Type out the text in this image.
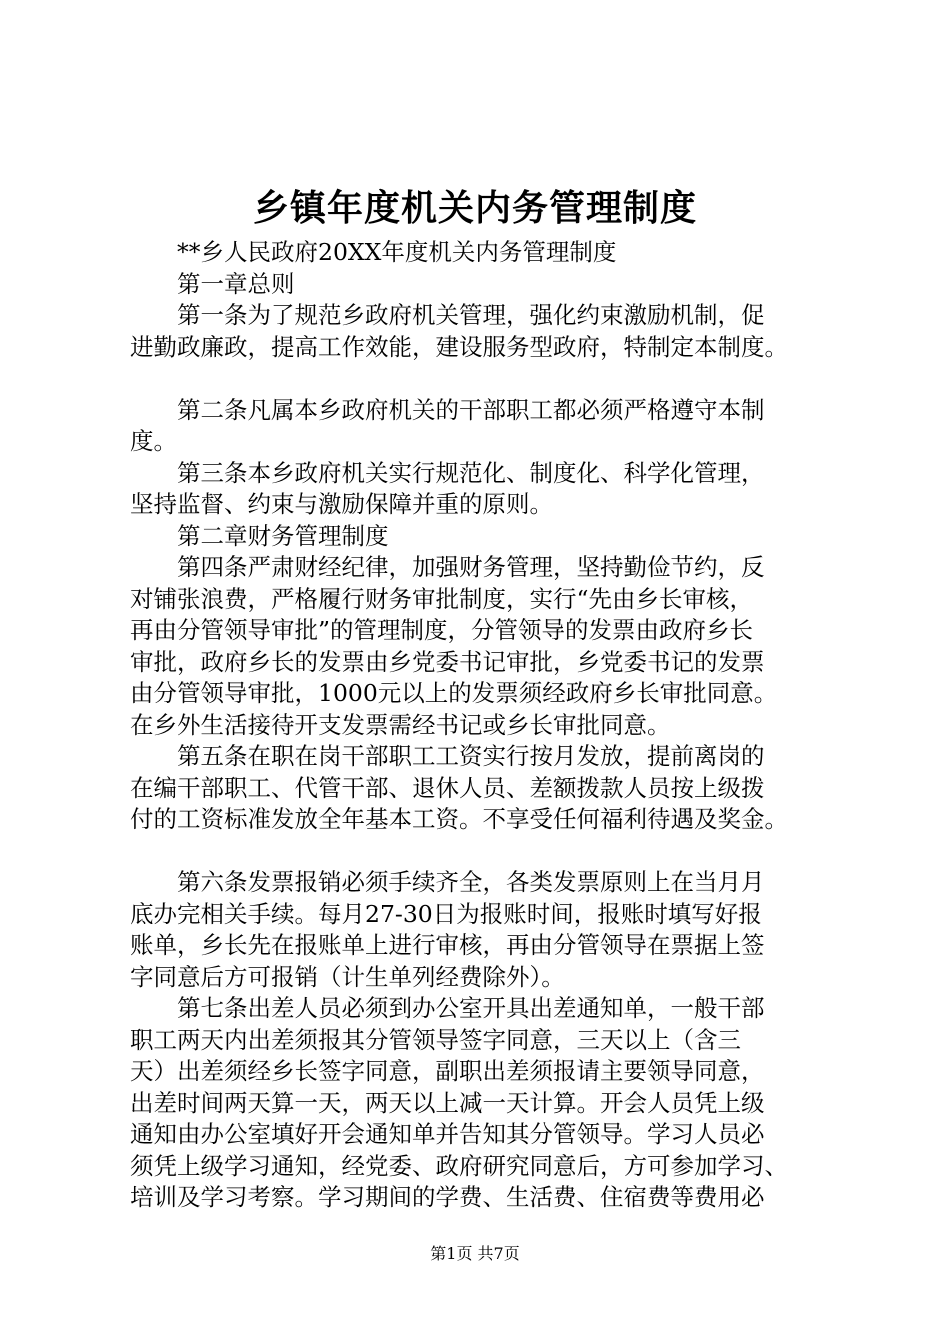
乡镇年度机关内务管理制度

**乡人民政府20XX年度机关内务管理制度

第一章总则

第一条为了规范乡政府机关管理，强化约束激励机制，促
进勤政廉政，提高工作效能，建设服务型政府，特制定本制度。

第二条凡属本乡政府机关的干部职工都必须严格遵守本制
度。

第三条本乡政府机关实行规范化、制度化、科学化管理，
坚持监督、约束与激励保障并重的原则。

第二章财务管理制度

第四条严肃财经纪律，加强财务管理，坚持勤俭节约，反
对铺张浪费，严格履行财务审批制度，实行“先由乡长审核，
再由分管领导审批”的管理制度，分管领导的发票由政府乡长
审批，政府乡长的发票由乡党委书记审批，乡党委书记的发票
由分管领导审批，1000元以上的发票须经政府乡长审批同意。
在乡外生活接待开支发票需经书记或乡长审批同意。

第五条在职在岗干部职工工资实行按月发放，提前离岗的
在编干部职工、代管干部、退休人员、差额拨款人员按上级拨
付的工资标准发放全年基本工资。不享受任何福利待遇及奖金。

第六条发票报销必须手续齐全，各类发票原则上在当月月
底办完相关手续。每月27-30日为报账时间，报账时填写好报
账单，乡长先在报账单上进行审核，再由分管领导在票据上签
字同意后方可报销（计生单列经费除外）。

第七条出差人员必须到办公室开具出差通知单，一般干部
职工两天内出差须报其分管领导签字同意，三天以上（含三
天）出差须经乡长签字同意，副职出差须报请主要领导同意，
出差时间两天算一天，两天以上减一天计算。开会人员凭上级
通知由办公室填好开会通知单并告知其分管领导。学习人员必
须凭上级学习通知，经党委、政府研究同意后，方可参加学习、
培训及学习考察。学习期间的学费、生活费、住宿费等费用必

第1页 共7页
